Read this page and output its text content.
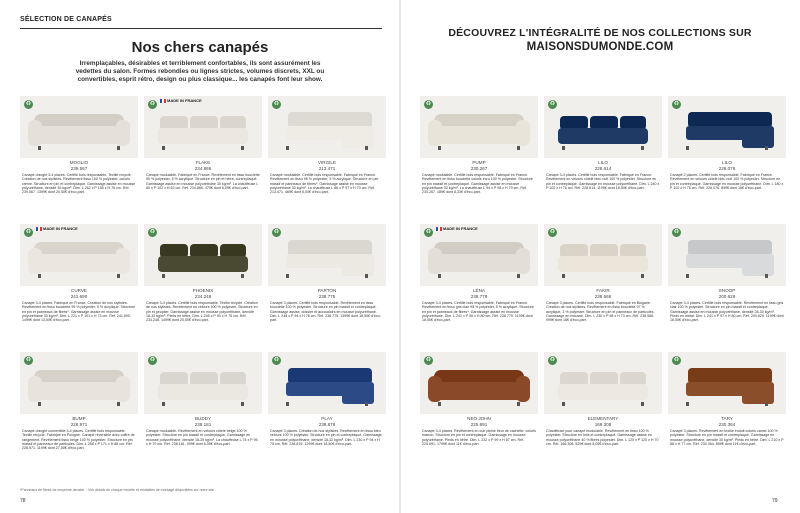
SÉLECTION DE CANAPÉS
Nos chers canapés
Irremplaçables, désirables et terriblement confortables, ils sont assurément les vedettes du salon. Formes rebondies ou lignes strictes, volumes discrets, XXL ou convertibles, esprit rétro, design ou plus classique... les canapés font leur show.
♻
MOGLIO
239.567
Canapé d'angle 3-4 places. Certifié bois responsable. Textile recyclé. Création de nos stylistes. Revêtement tissu 100 % polyester, coloris crème. Structure en pin et contreplaqué. Garnissage assise en mousse polyuréthane, densité 35 kg/m³. Dim. L 262 x P 155 x H 76 cm. Réf. 239.567. 1399€ dont 20,50€ d'éco-part.
♻
MADE IN FRANCE
FLAKE
234.866
Canapé modulable. Fabriqué en France. Revêtement en tissu bouclette 95 % polyester, 5 % acrylique. Structure en pin et hêtre, contreplaqué. Garnissage assise en mousse polyuréthane 30 kg/m³. La chauffeuse L 80 x P 102 x H 63 cm. Réf. 234.866. 479€ dont 6,05€ d'éco-part.
♻
VIRGILE
213.471
Canapé modulable. Certifié bois responsable. Fabriqué en France. Revêtement en tissu 95 % polyester, 5 % acrylique. Structure en pin massif et panneaux de fibres*. Garnissage assise en mousse polyuréthane 30 kg/m³. La chauffeuse L 88 x P 97 x H 70 cm. Réf. 213.471. 469€ dont 5,00€ d'éco-part.
♻
MADE IN FRANCE
CURVE
241.690
Canapé 3-4 places. Fabriqué en France. Création de nos stylistes. Revêtement en tissu bouclette 95 % polyester, 5 % acrylique. Structure en pin et panneaux de fibres*. Garnissage assise en mousse polyuréthane 30 kg/m³. Dim. L 221 x P 101 x H 73 cm. Réf. 241.690. 1499€ dont 13,50€ d'éco-part.
♻
PHOENIX
234.248
Canapé 3-4 places. Certifié bois responsable. Textile recyclé. Création de nos stylistes. Revêtement en velours 100 % polyester. Structure en pin et peuplier. Garnissage assise en mousse polyuréthane, densité 18-32 kg/m³. Pieds en hêtre. Dim. L 246 x P 90 x H 75 cm. Réf. 234.248. 1499€ dont 20,50€ d'éco-part.
♻
PARTON
238.775
Canapé 3 places. Certifié bois responsable. Revêtement en tissu bouclette 100 % polyester. Structure en pin massif et contreplaqué. Garnissage assise, dossier et accoudoirs en mousse polyuréthane. Dim. L 248 x P 94 x H 76 cm. Réf. 238.775. 1399€ dont 18,50€ d'éco-part.
♻
BUMP
226.971
Canapé d'angle convertible 3-4 places. Certifié bois responsable. Textile recyclé. Fabriqué en Pologne. Canapé réversible avec coffre de rangement. Revêtement tissu beige 100 % polyester. Structure en pin massif et panneaux de particules. Dim. L 258 x P 171 x H 88 cm. Réf. 226.971. 1199€ dont 27,50€ d'éco-part.
♻
BUDDY
238.181
Canapé modulable. Revêtement en velours côtelé beige 100 % polyester. Structure en pin massif et contreplaqué. Garnissage en mousse polyuréthane, densité 18-35 kg/m³. La chauffeuse L 74 x P 95 x H 70 cm. Réf. 238.181. 399€ dont 6,05€ d'éco-part.
♻
PLAY
238.876
Canapé 3 places. Création de nos stylistes. Revêtement en tissu bleu velours 100 % polyester. Structure en pin et contreplaqué. Garnissage en mousse polyuréthane, densité 18-32 kg/m³. Dim. L 230 x P 94 x H 75 cm. Réf. 238.876. 1299€ dont 18,50€ d'éco-part.
*Panneaux de fibres de moyenne densité. · Voir détails de chaque modèle et modalités de montage disponibles sur notre site.
78
DÉCOUVREZ L'INTÉGRALITÉ DE NOS COLLECTIONS SUR
MAISONSDUMONDE.COM
♻
PUMP
230.267
Canapé modulable. Certifié bois responsable. Fabriqué en France. Revêtement en tissu bouclette coloris écru 100 % polyester. Structure en pin massif et contreplaqué. Garnissage assise en mousse polyuréthane 30 kg/m³. La chauffeuse L 94 x P 98 x H 79 cm. Réf. 230.267. 189€ dont 8,33€ d'éco-part.
♻
LILO
228.614
Canapé 3-4 places. Certifié bois responsable. Fabriqué en France. Revêtement en velours côtelé bleu nuit 100 % polyester. Structure en pin et contreplaqué. Garnissage en mousse polyuréthane. Dim. L 240 x P 102 x H 76 cm. Réf. 228.614. 1199€ dont 18,50€ d'éco-part.
♻
LILO
226.076
Canapé 2 places. Certifié bois responsable. Fabriqué en France. Revêtement en velours côtelé bleu nuit 100 % polyester. Structure en pin et contreplaqué. Garnissage en mousse polyuréthane. Dim. L 180 x P 102 x H 76 cm. Réf. 226.076. 899€ dont 16€ d'éco-part.
♻
MADE IN FRANCE
LÉNA
238.779
Canapé 3-4 places. Certifié bois responsable. Fabriqué en France. Revêtement en tissu gris clair 95 % polyester, 5 % acrylique. Structure en pin et panneaux de fibres*. Garnissage assise en mousse polyuréthane. Dim. L 241 x P 96 x H 80 cm. Réf. 238.779. 1199€ dont 18,50€ d'éco-part.
♻
FAKIR
238.568
Canapé 3 places. Certifié bois responsable. Fabriqué en Bulgarie. Création de nos stylistes. Revêtement en tissu bouclette 97 % acrylique, 3 % polyester. Structure en pin et panneaux de particules. Garnissage en mousse. Dim. L 230 x P 98 x H 73 cm. Réf. 238.568. 999€ dont 16€ d'éco-part.
♻
SNOOP
200.629
Canapé 3-4 places. Certifié bois responsable. Revêtement en tissu gris clair 100 % polyester. Structure en pin massif et contreplaqué. Garnissage assise en mousse polyuréthane, densité 28-30 kg/m³. Pieds en métal. Dim. L 241 x P 97 x H 80 cm. Réf. 200.629. 1199€ dont 18,50€ d'éco-part.
♻
NEO JOHN
225.691
Canapé 3-4 places. Revêtement en cuir pleine fleur de vachette, coloris marron. Structure en pin et contreplaqué. Garnissage en mousse polyuréthane. Pieds en hêtre. Dim. L 232 x P 99 x H 87 cm. Réf. 225.691. 1799€ dont 11€ d'éco-part.
♻
ELEMENTARY
166.308
Chauffeuse pour canapé modulable. Revêtement en tissu 100 % polyester. Structure en bois et contreplaqué. Garnissage assise en mousse polyuréthane 40 % fibres polyester. Dim. L 120 x P 120 x H 70 cm. Réf. 166.308. 529€ dont 8,05€ d'éco-part.
♻
TARY
230.364
Canapé 3 places. Revêtement en textile enduit coloris camel 100 % polyester. Structure en pin massif et contreplaqué. Garnissage en mousse polyuréthane, densité 30 kg/m³. Pieds en hêtre. Dim. L 210 x P 88 x H 77 cm. Réf. 230.364. 899€ dont 11€ d'éco-part.
79
